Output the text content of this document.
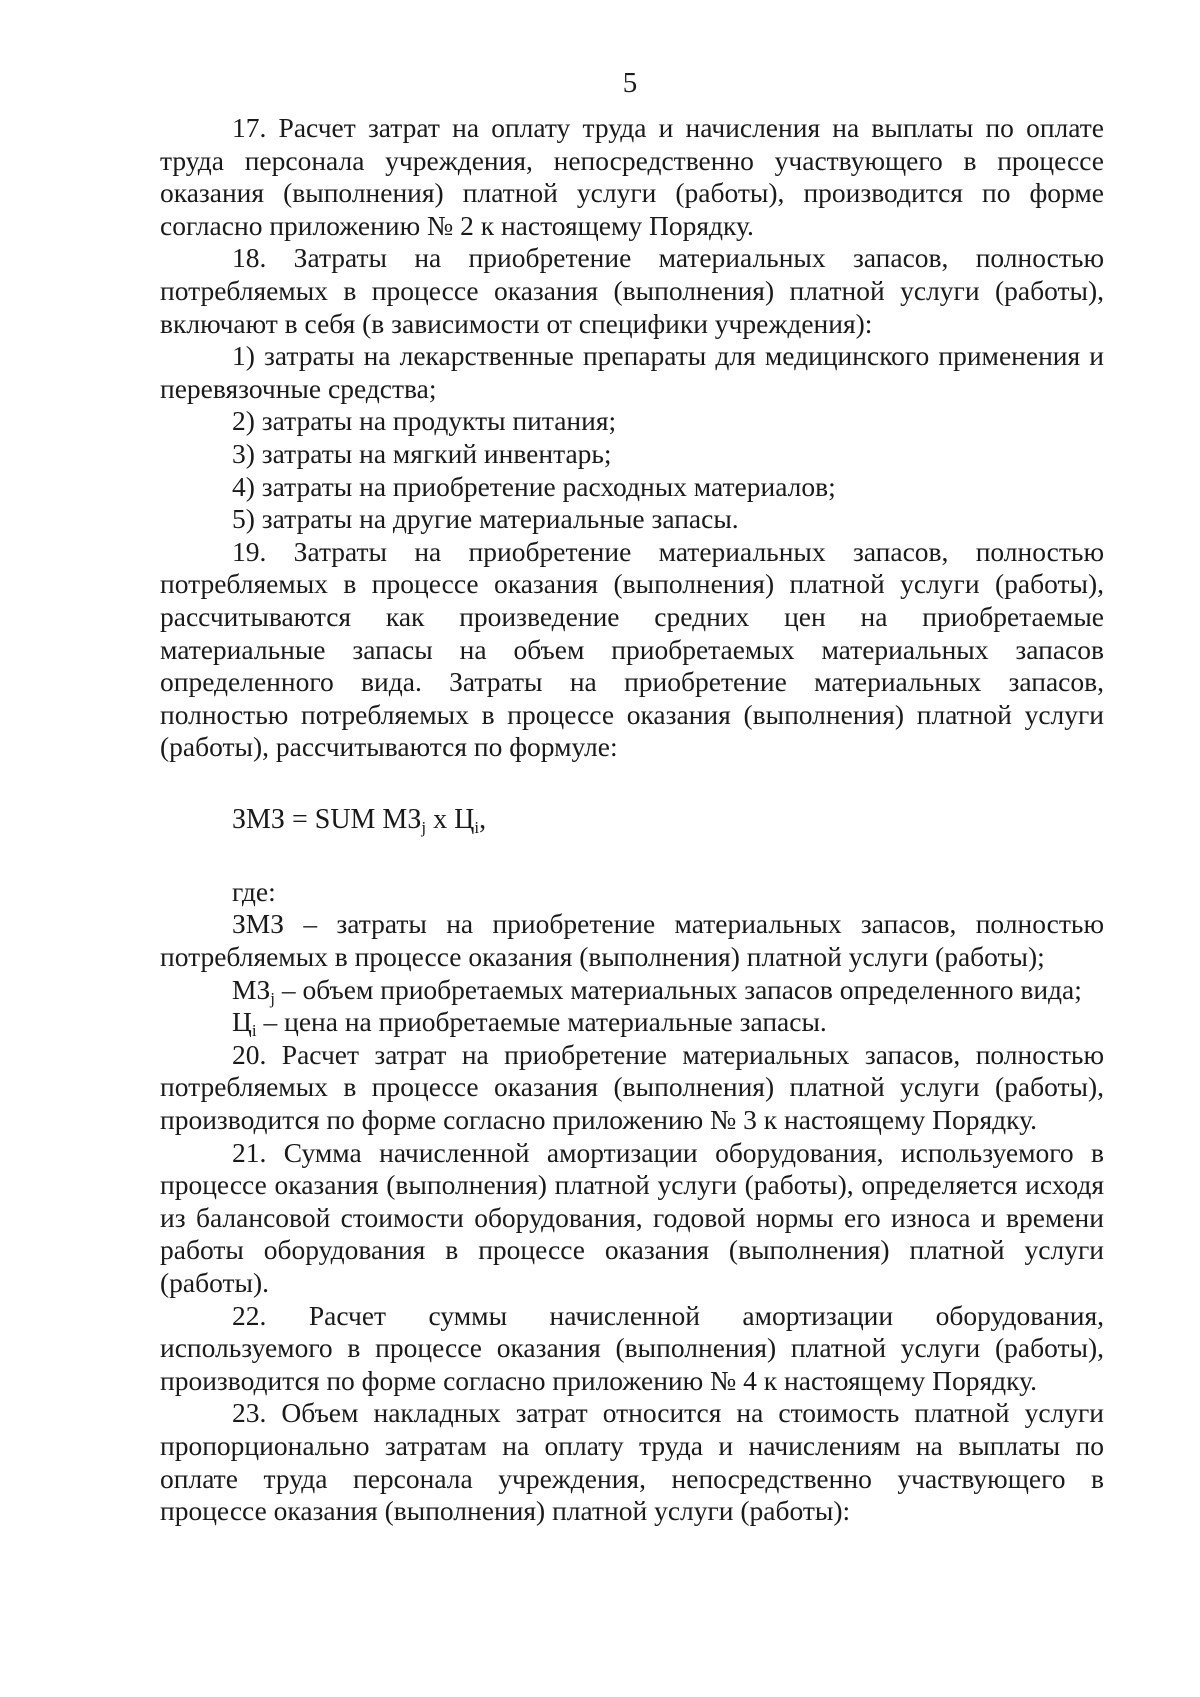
5

17. Расчет затрат на оплату труда и начисления на выплаты по оплате труда персонала учреждения, непосредственно участвующего в процессе оказания (выполнения) платной услуги (работы), производится по форме согласно приложению № 2 к настоящему Порядку.

18. Затраты на приобретение материальных запасов, полностью потребляемых в процессе оказания (выполнения) платной услуги (работы), включают в себя (в зависимости от специфики учреждения):

1) затраты на лекарственные препараты для медицинского применения и перевязочные средства;

2) затраты на продукты питания;

3) затраты на мягкий инвентарь;

4) затраты на приобретение расходных материалов;

5) затраты на другие материальные запасы.

19. Затраты на приобретение материальных запасов, полностью потребляемых в процессе оказания (выполнения) платной услуги (работы), рассчитываются как произведение средних цен на приобретаемые материальные запасы на объем приобретаемых материальных запасов определенного вида. Затраты на приобретение материальных запасов, полностью потребляемых в процессе оказания (выполнения) платной услуги (работы), рассчитываются по формуле:

ЗМЗ = SUM $МЗ_j$ x $Ц_i$,
где:

ЗМЗ – затраты на приобретение материальных запасов, полностью потребляемых в процессе оказания (выполнения) платной услуги (работы);

$МЗ_j$ – объем приобретаемых материальных запасов определенного вида;

$Ц_i$ – цена на приобретаемые материальные запасы.

20. Расчет затрат на приобретение материальных запасов, полностью потребляемых в процессе оказания (выполнения) платной услуги (работы), производится по форме согласно приложению № 3 к настоящему Порядку.

21. Сумма начисленной амортизации оборудования, используемого в процессе оказания (выполнения) платной услуги (работы), определяется исходя из балансовой стоимости оборудования, годовой нормы его износа и времени работы оборудования в процессе оказания (выполнения) платной услуги (работы).

22. Расчет суммы начисленной амортизации оборудования, используемого в процессе оказания (выполнения) платной услуги (работы), производится по форме согласно приложению № 4 к настоящему Порядку.

23. Объем накладных затрат относится на стоимость платной услуги пропорционально затратам на оплату труда и начислениям на выплаты по оплате труда персонала учреждения, непосредственно участвующего в процессе оказания (выполнения) платной услуги (работы):
